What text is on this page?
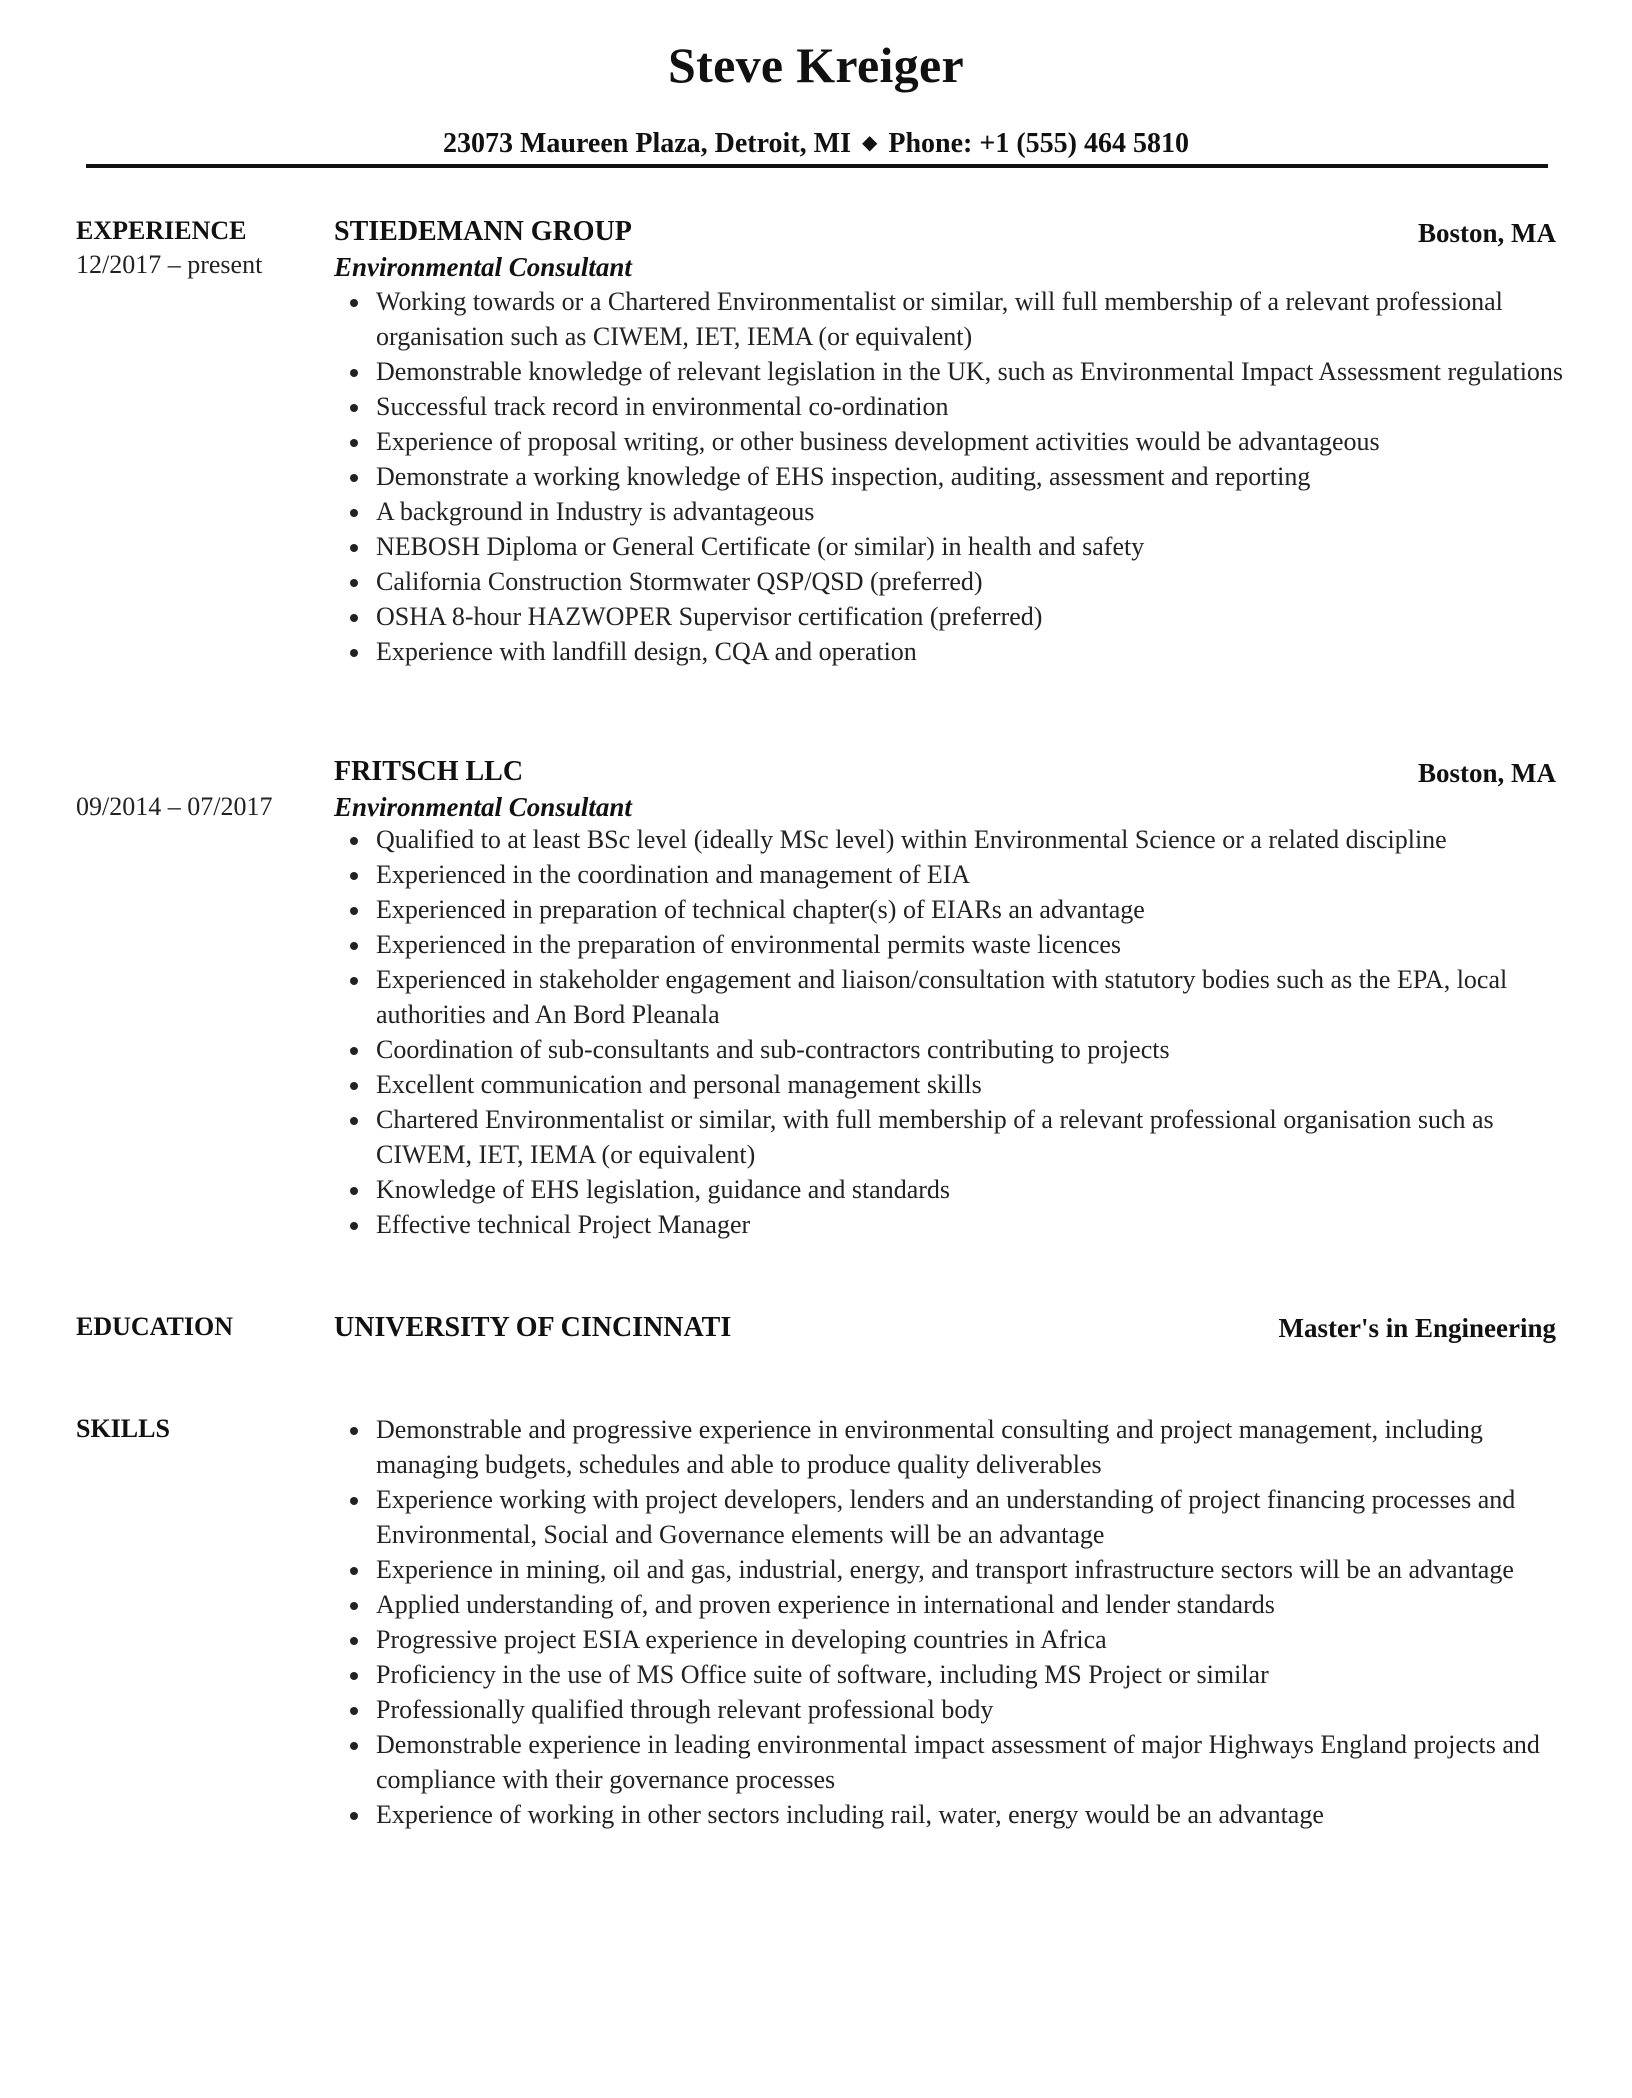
Steve Kreiger
23073 Maureen Plaza, Detroit, MI ◆ Phone: +1 (555) 464 5810
EXPERIENCE
12/2017 – present
STIEDEMANN GROUP	Boston, MA
Environmental Consultant
Working towards or a Chartered Environmentalist or similar, will full membership of a relevant professional organisation such as CIWEM, IET, IEMA (or equivalent)
Demonstrable knowledge of relevant legislation in the UK, such as Environmental Impact Assessment regulations
Successful track record in environmental co-ordination
Experience of proposal writing, or other business development activities would be advantageous
Demonstrate a working knowledge of EHS inspection, auditing, assessment and reporting
A background in Industry is advantageous
NEBOSH Diploma or General Certificate (or similar) in health and safety
California Construction Stormwater QSP/QSD (preferred)
OSHA 8-hour HAZWOPER Supervisor certification (preferred)
Experience with landfill design, CQA and operation
FRITSCH LLC	Boston, MA
09/2014 – 07/2017 Environmental Consultant
Qualified to at least BSc level (ideally MSc level) within Environmental Science or a related discipline
Experienced in the coordination and management of EIA
Experienced in preparation of technical chapter(s) of EIARs an advantage
Experienced in the preparation of environmental permits waste licences
Experienced in stakeholder engagement and liaison/consultation with statutory bodies such as the EPA, local authorities and An Bord Pleanala
Coordination of sub-consultants and sub-contractors contributing to projects
Excellent communication and personal management skills
Chartered Environmentalist or similar, with full membership of a relevant professional organisation such as CIWEM, IET, IEMA (or equivalent)
Knowledge of EHS legislation, guidance and standards
Effective technical Project Manager
EDUCATION	UNIVERSITY OF CINCINNATI	Master's in Engineering
SKILLS	Demonstrable and progressive experience in environmental consulting and project management, including managing budgets, schedules and able to produce quality deliverables
Experience working with project developers, lenders and an understanding of project financing processes and Environmental, Social and Governance elements will be an advantage
Experience in mining, oil and gas, industrial, energy, and transport infrastructure sectors will be an advantage
Applied understanding of, and proven experience in international and lender standards
Progressive project ESIA experience in developing countries in Africa
Proficiency in the use of MS Office suite of software, including MS Project or similar
Professionally qualified through relevant professional body
Demonstrable experience in leading environmental impact assessment of major Highways England projects and compliance with their governance processes
Experience of working in other sectors including rail, water, energy would be an advantage
